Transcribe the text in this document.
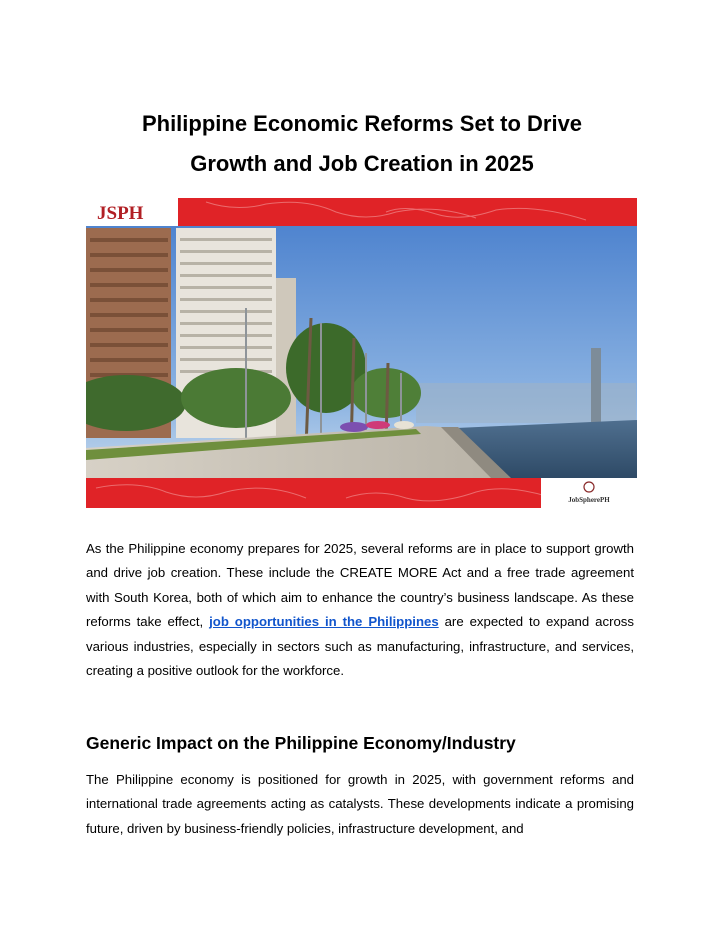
Philippine Economic Reforms Set to Drive
Growth and Job Creation in 2025
JSPH
JobSpherePH

As the Philippine economy prepares for 2025, several reforms are in place to support growth and drive job creation. These include the CREATE MORE Act and a free trade agreement with South Korea, both of which aim to enhance the country’s business landscape. As these reforms take effect, job opportunities in the Philippines are expected to expand across various industries, especially in sectors such as manufacturing, infrastructure, and services, creating a positive outlook for the workforce.

Generic Impact on the Philippine Economy/Industry

The Philippine economy is positioned for growth in 2025, with government reforms and international trade agreements acting as catalysts. These developments indicate a promising future, driven by business-friendly policies, infrastructure development, and
